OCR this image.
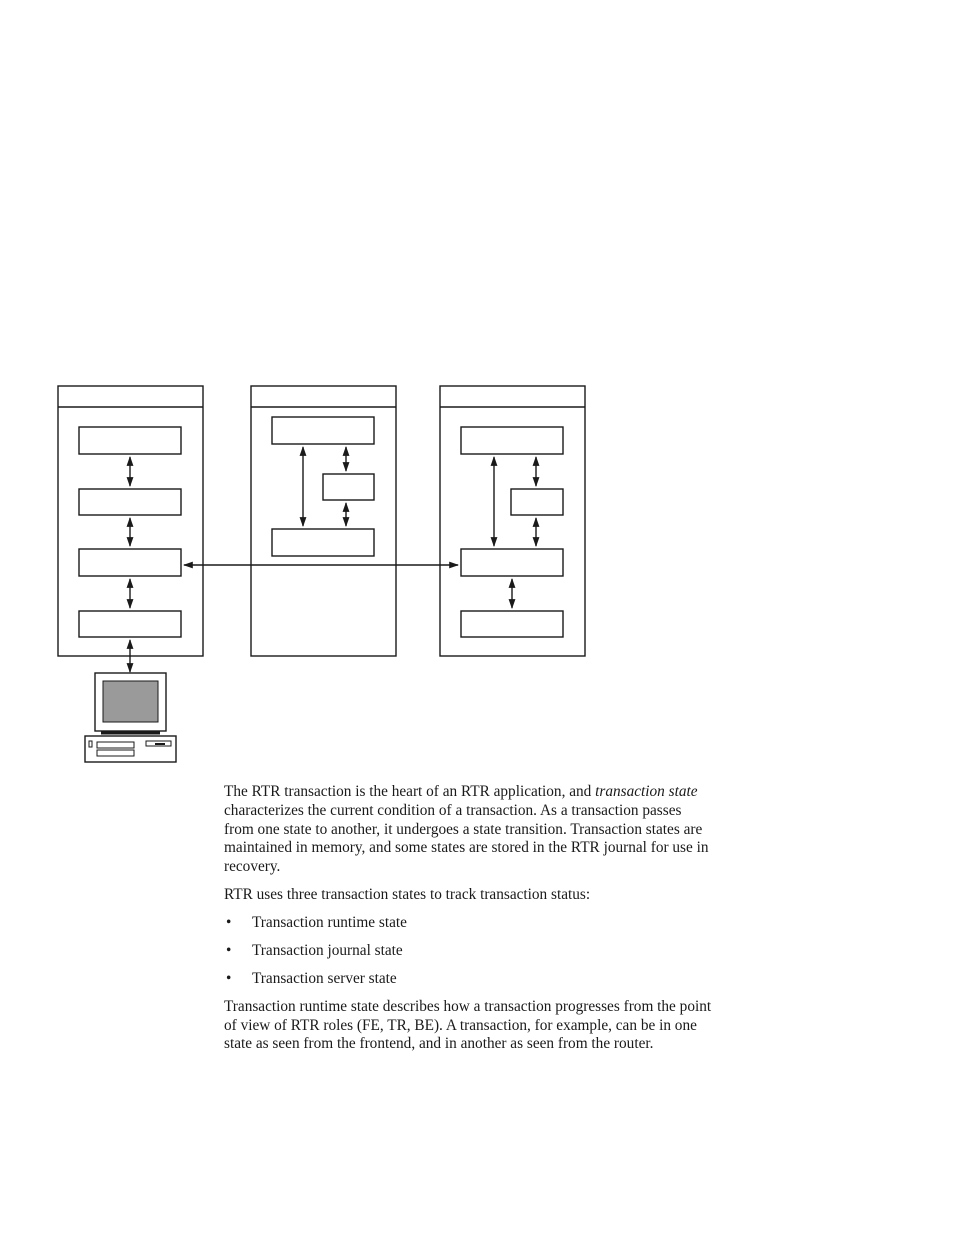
The RTR transaction is the heart of an RTR application, and transaction state characterizes the current condition of a transaction. As a transaction passes from one state to another, it undergoes a state transition. Transaction states are maintained in memory, and some states are stored in the RTR journal for use in recovery.

RTR uses three transaction states to track transaction status:

• Transaction runtime state
• Transaction journal state
• Transaction server state

Transaction runtime state describes how a transaction progresses from the point of view of RTR roles (FE, TR, BE). A transaction, for example, can be in one state as seen from the frontend, and in another as seen from the router.
